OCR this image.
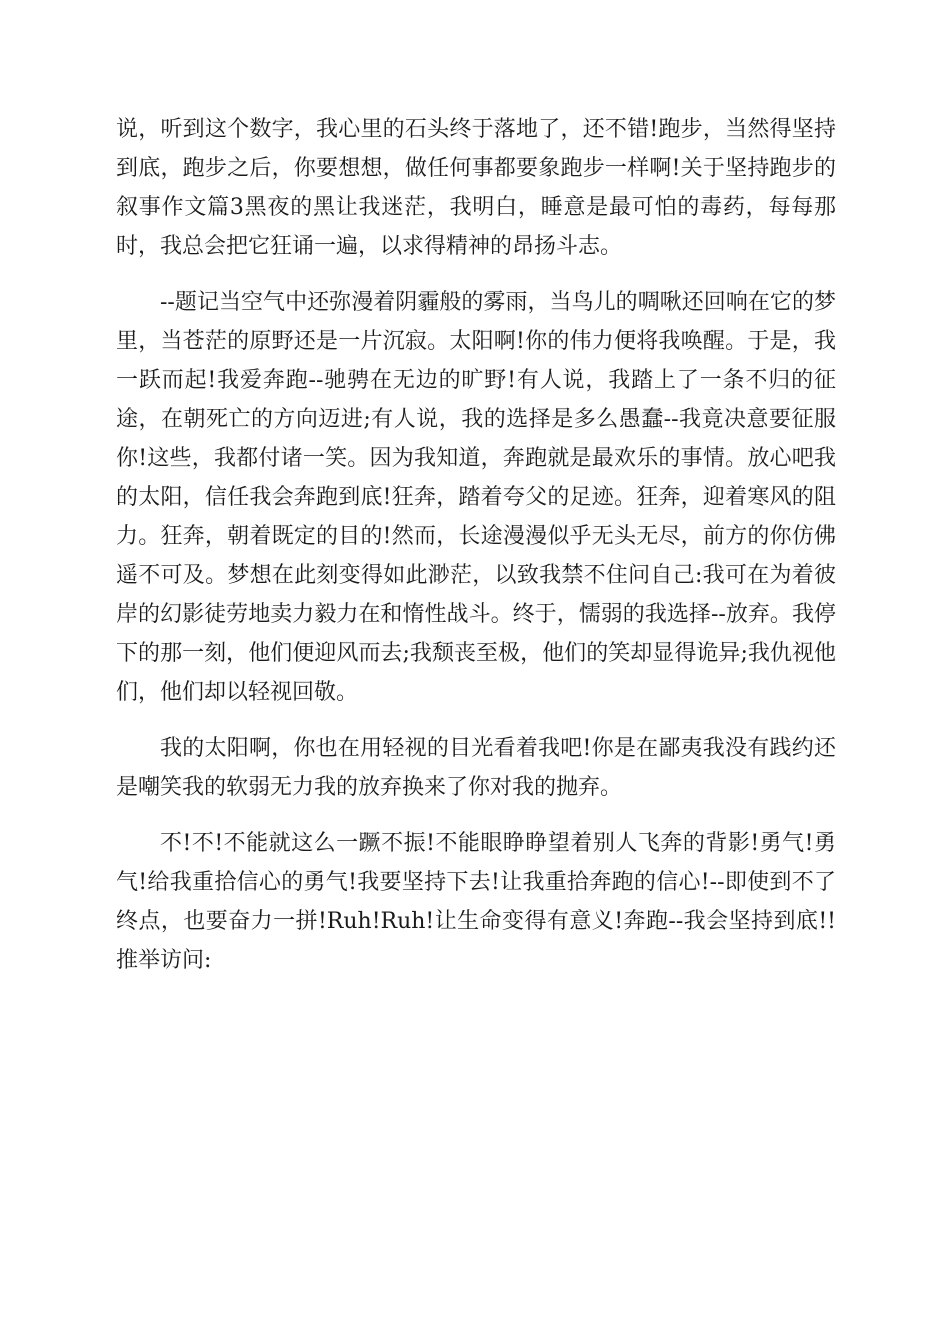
说，听到这个数字，我心里的石头终于落地了，还不错!跑步，当然得坚持到底，跑步之后，你要想想，做任何事都要象跑步一样啊!关于坚持跑步的叙事作文篇3黑夜的黑让我迷茫，我明白，睡意是最可怕的毒药，每每那时，我总会把它狂诵一遍，以求得精神的昂扬斗志。

--题记当空气中还弥漫着阴霾般的雾雨，当鸟儿的啁啾还回响在它的梦里，当苍茫的原野还是一片沉寂。太阳啊!你的伟力便将我唤醒。于是，我一跃而起!我爱奔跑--驰骋在无边的旷野!有人说，我踏上了一条不归的征途，在朝死亡的方向迈进;有人说，我的选择是多么愚蠢--我竟决意要征服你!这些，我都付诸一笑。因为我知道，奔跑就是最欢乐的事情。放心吧我的太阳，信任我会奔跑到底!狂奔，踏着夸父的足迹。狂奔，迎着寒风的阻力。狂奔，朝着既定的目的!然而，长途漫漫似乎无头无尽，前方的你仿佛遥不可及。梦想在此刻变得如此渺茫，以致我禁不住问自己:我可在为着彼岸的幻影徒劳地卖力毅力在和惰性战斗。终于，懦弱的我选择--放弃。我停下的那一刻，他们便迎风而去;我颓丧至极，他们的笑却显得诡异;我仇视他们，他们却以轻视回敬。

我的太阳啊，你也在用轻视的目光看着我吧!你是在鄙夷我没有践约还是嘲笑我的软弱无力我的放弃换来了你对我的抛弃。

不!不!不能就这么一蹶不振!不能眼睁睁望着别人飞奔的背影!勇气!勇气!给我重拾信心的勇气!我要坚持下去!让我重拾奔跑的信心!--即使到不了终点，也要奋力一拼!Ruh!Ruh!让生命变得有意义!奔跑--我会坚持到底!!推举访问:
